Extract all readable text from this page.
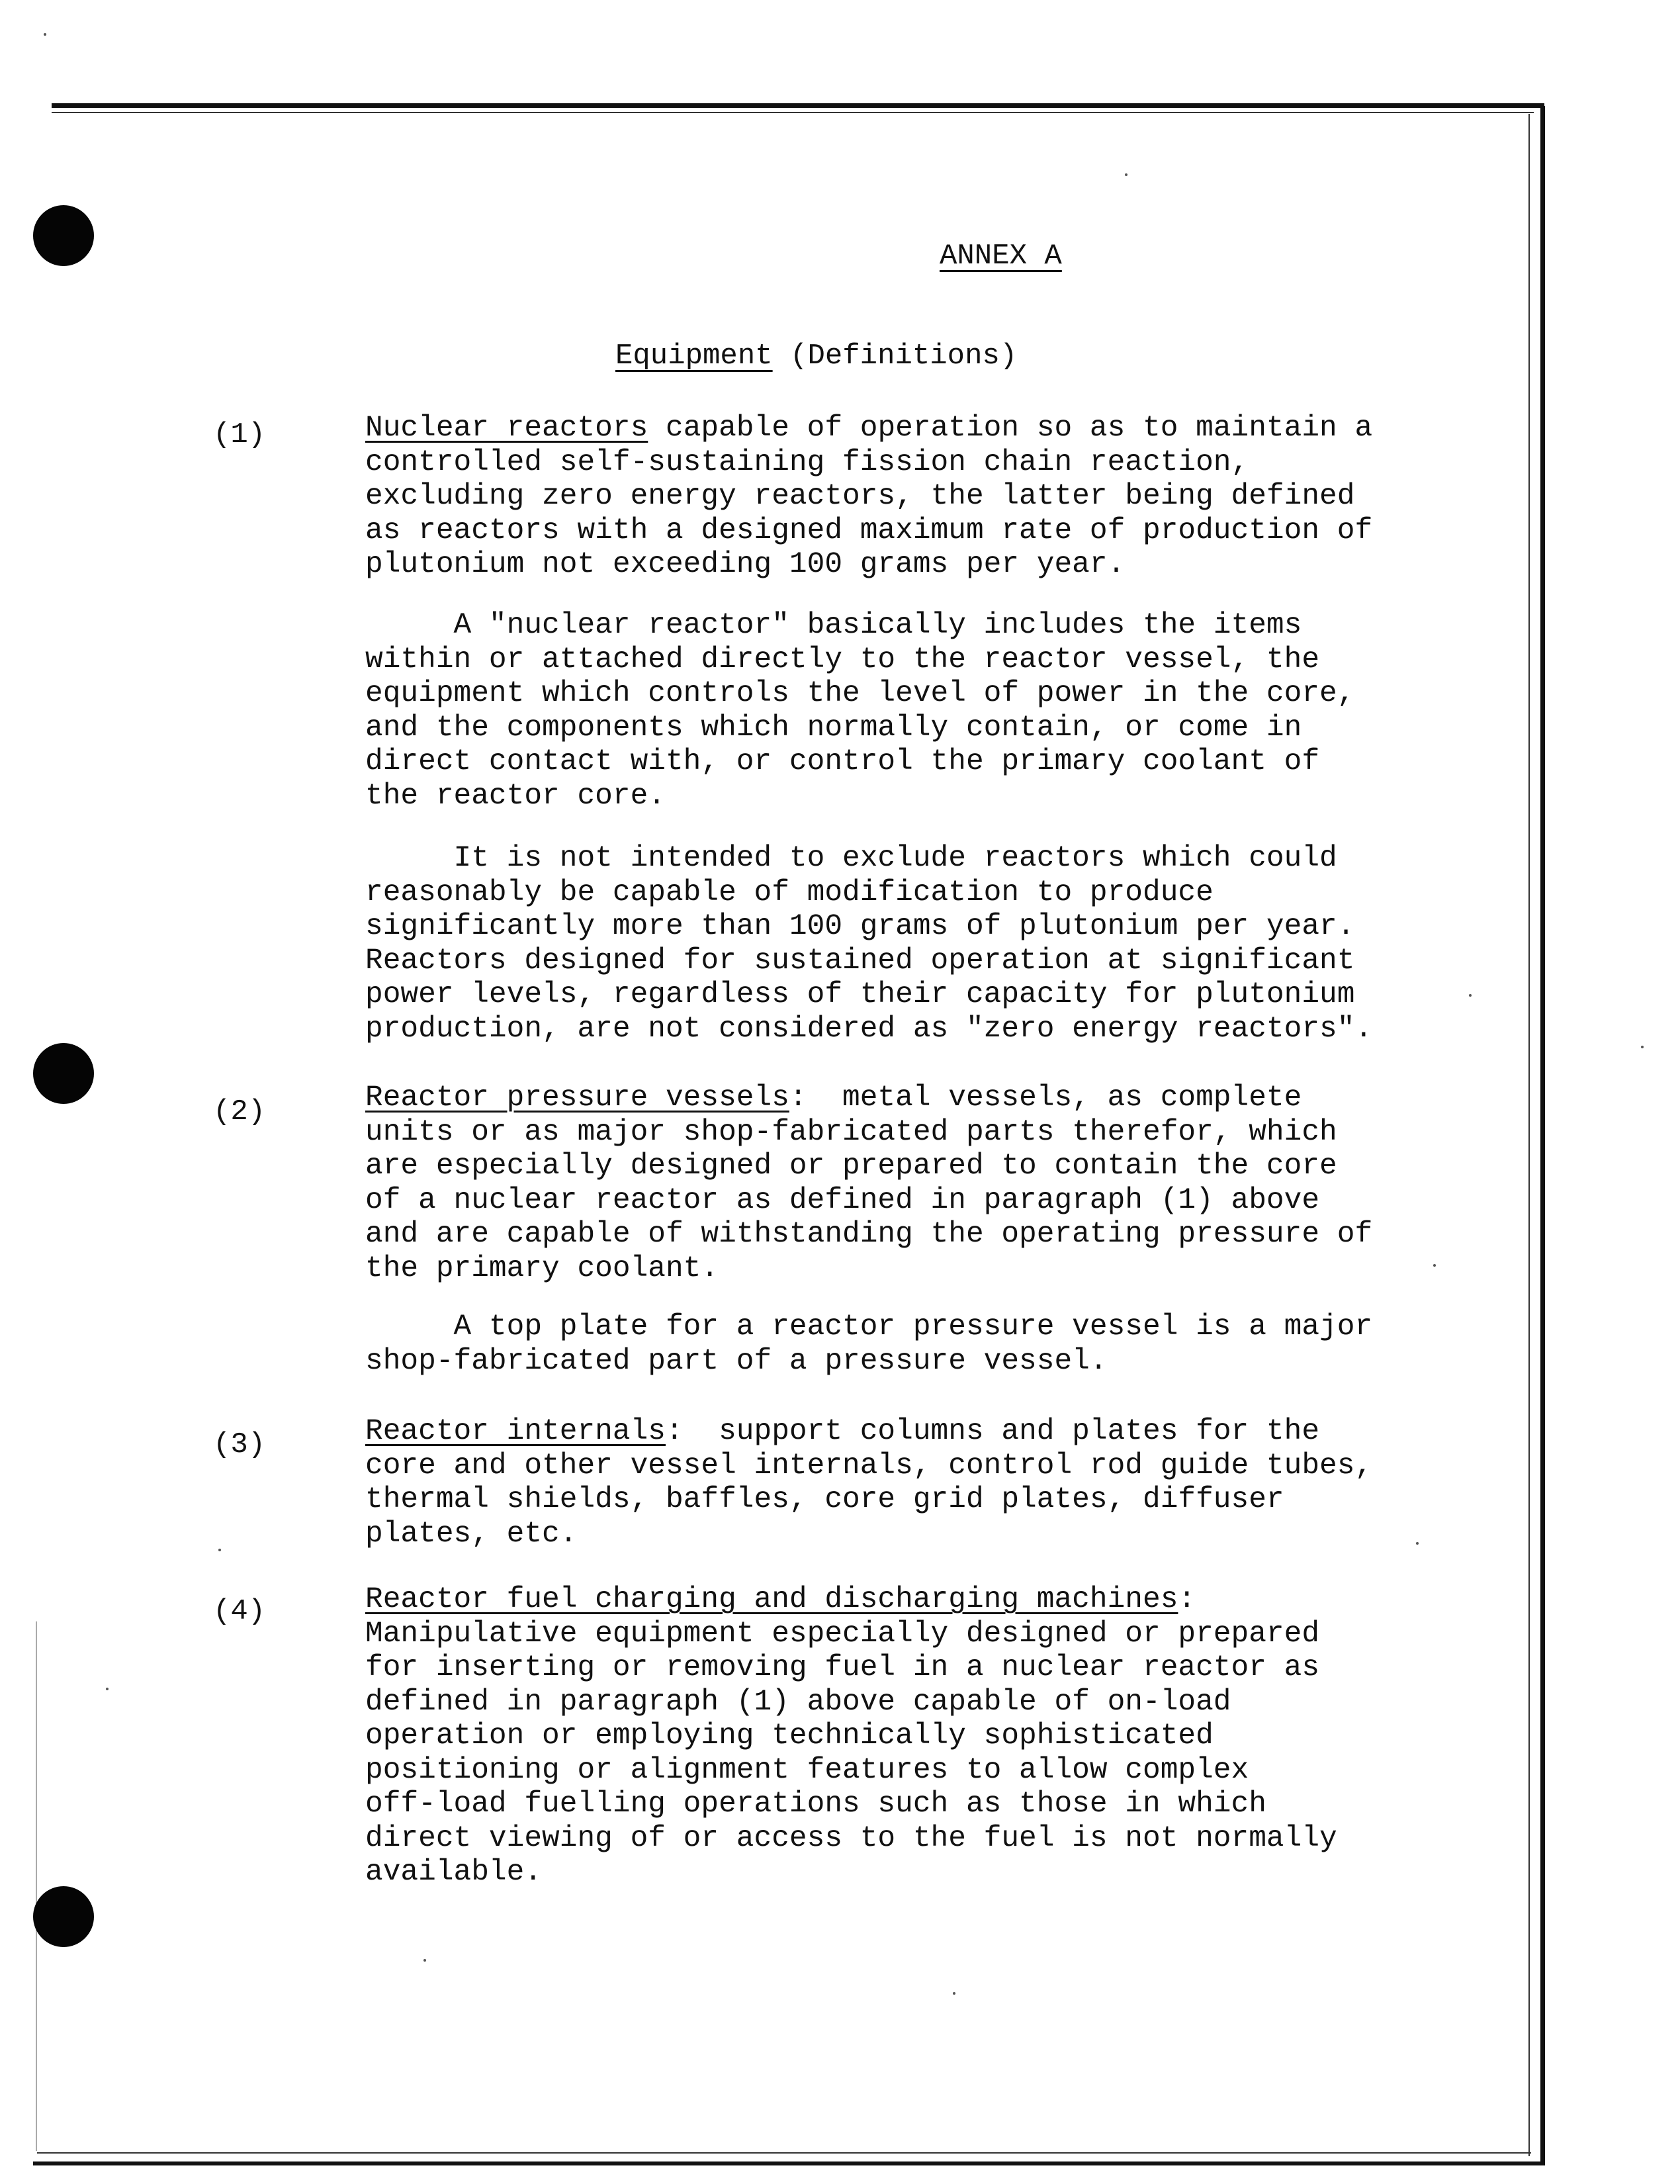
ANNEX A
Equipment (Definitions)
(1)	Nuclear reactors capable of operation so as to maintain a
controlled self-sustaining fission chain reaction,
excluding zero energy reactors, the latter being defined
as reactors with a designed maximum rate of production of
plutonium not exceeding 100 grams per year.
A "nuclear reactor" basically includes the items
within or attached directly to the reactor vessel, the
equipment which controls the level of power in the core,
and the components which normally contain, or come in
direct contact with, or control the primary coolant of
the reactor core.
It is not intended to exclude reactors which could
reasonably be capable of modification to produce
significantly more than 100 grams of plutonium per year.
Reactors designed for sustained operation at significant
power levels, regardless of their capacity for plutonium
production, are not considered as "zero energy reactors".
(2)	Reactor pressure vessels:  metal vessels, as complete
units or as major shop-fabricated parts therefor, which
are especially designed or prepared to contain the core
of a nuclear reactor as defined in paragraph (1) above
and are capable of withstanding the operating pressure of
the primary coolant.
A top plate for a reactor pressure vessel is a major
shop-fabricated part of a pressure vessel.
(3)	Reactor internals:  support columns and plates for the
core and other vessel internals, control rod guide tubes,
thermal shields, baffles, core grid plates, diffuser
plates, etc.
(4)	Reactor fuel charging and discharging machines:
Manipulative equipment especially designed or prepared
for inserting or removing fuel in a nuclear reactor as
defined in paragraph (1) above capable of on-load
operation or employing technically sophisticated
positioning or alignment features to allow complex
off-load fuelling operations such as those in which
direct viewing of or access to the fuel is not normally
available.
